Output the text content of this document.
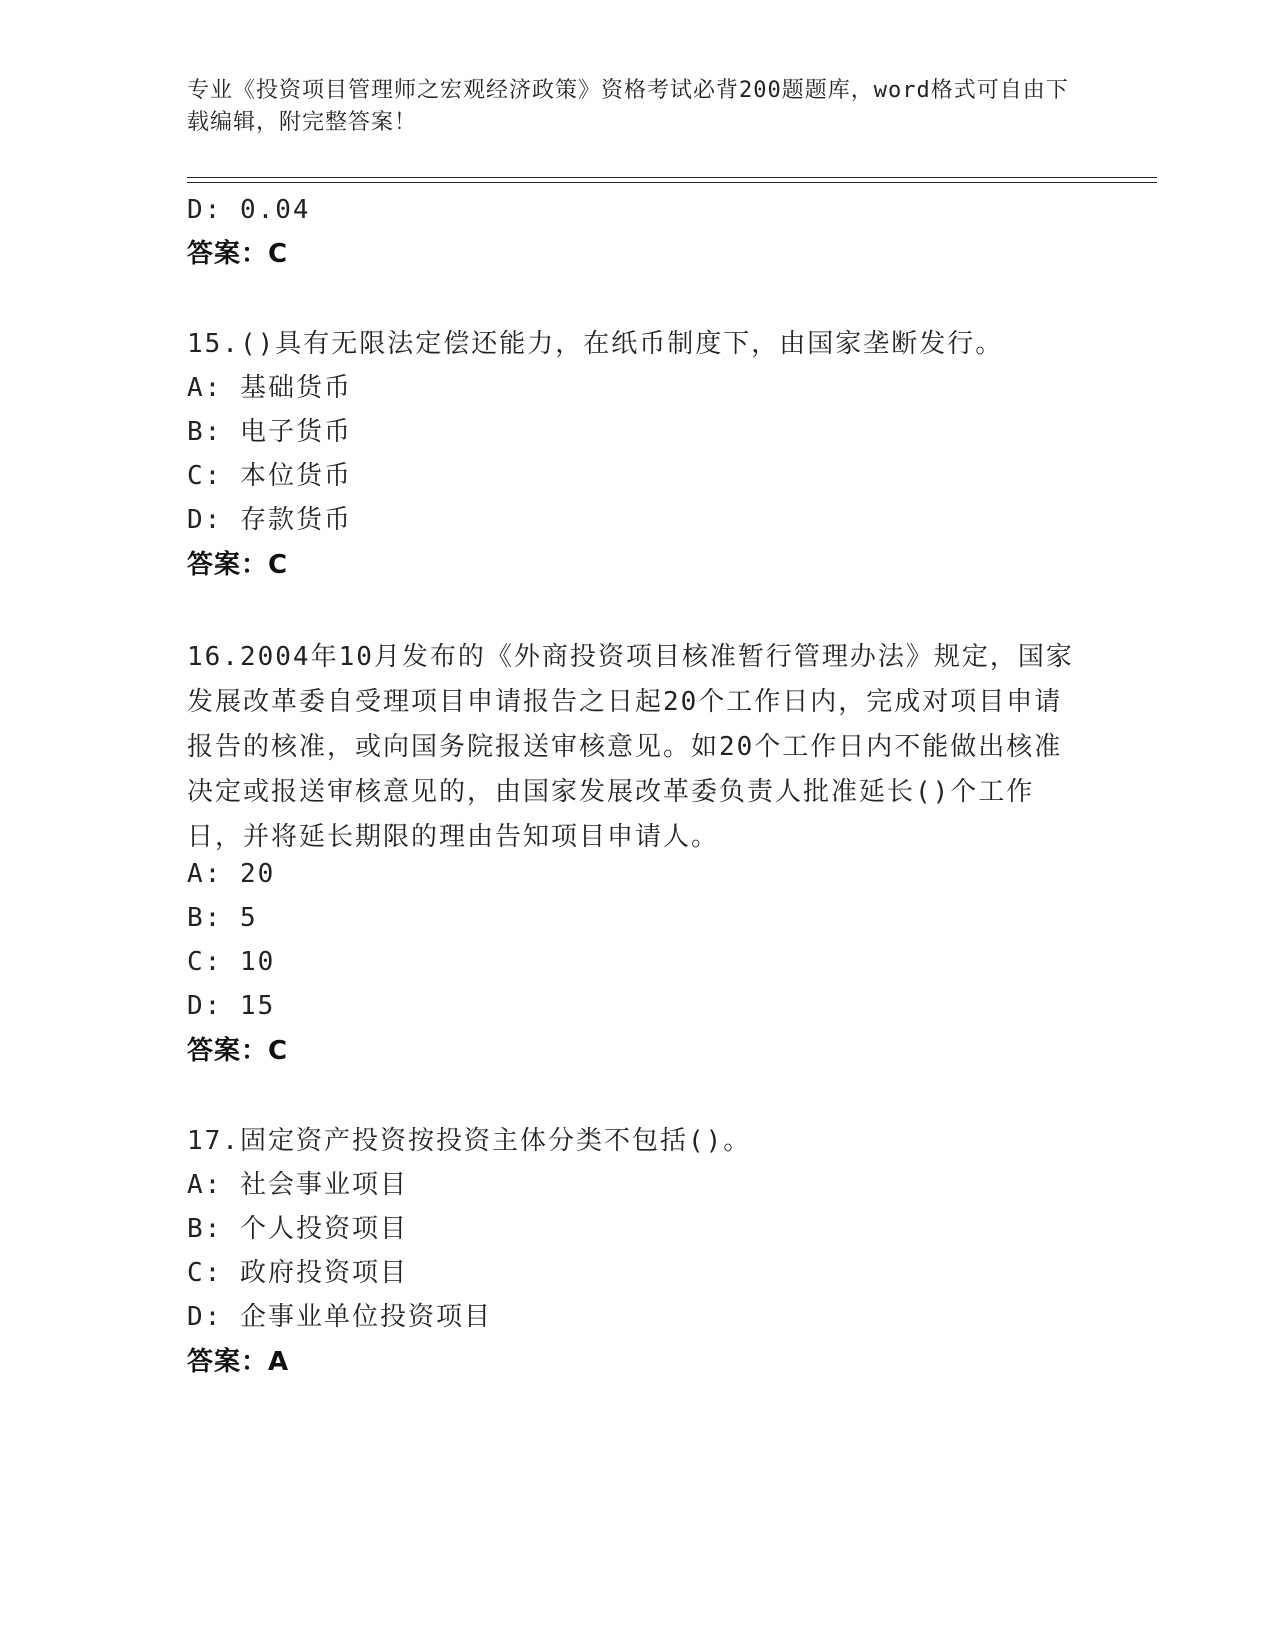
专业《投资项目管理师之宏观经济政策》资格考试必背200题题库，word格式可自由下载编辑，附完整答案！
D: 0.04
答案：C
15.()具有无限法定偿还能力，在纸币制度下，由国家垄断发行。
A: 基础货币
B: 电子货币
C: 本位货币
D: 存款货币
答案：C
16.2004年10月发布的《外商投资项目核准暂行管理办法》规定，国家发展改革委自受理项目申请报告之日起20个工作日内，完成对项目申请报告的核准，或向国务院报送审核意见。如20个工作日内不能做出核准决定或报送审核意见的，由国家发展改革委负责人批准延长()个工作日，并将延长期限的理由告知项目申请人。
A: 20
B: 5
C: 10
D: 15
答案：C
17.固定资产投资按投资主体分类不包括()。
A: 社会事业项目
B: 个人投资项目
C: 政府投资项目
D: 企事业单位投资项目
答案：A
